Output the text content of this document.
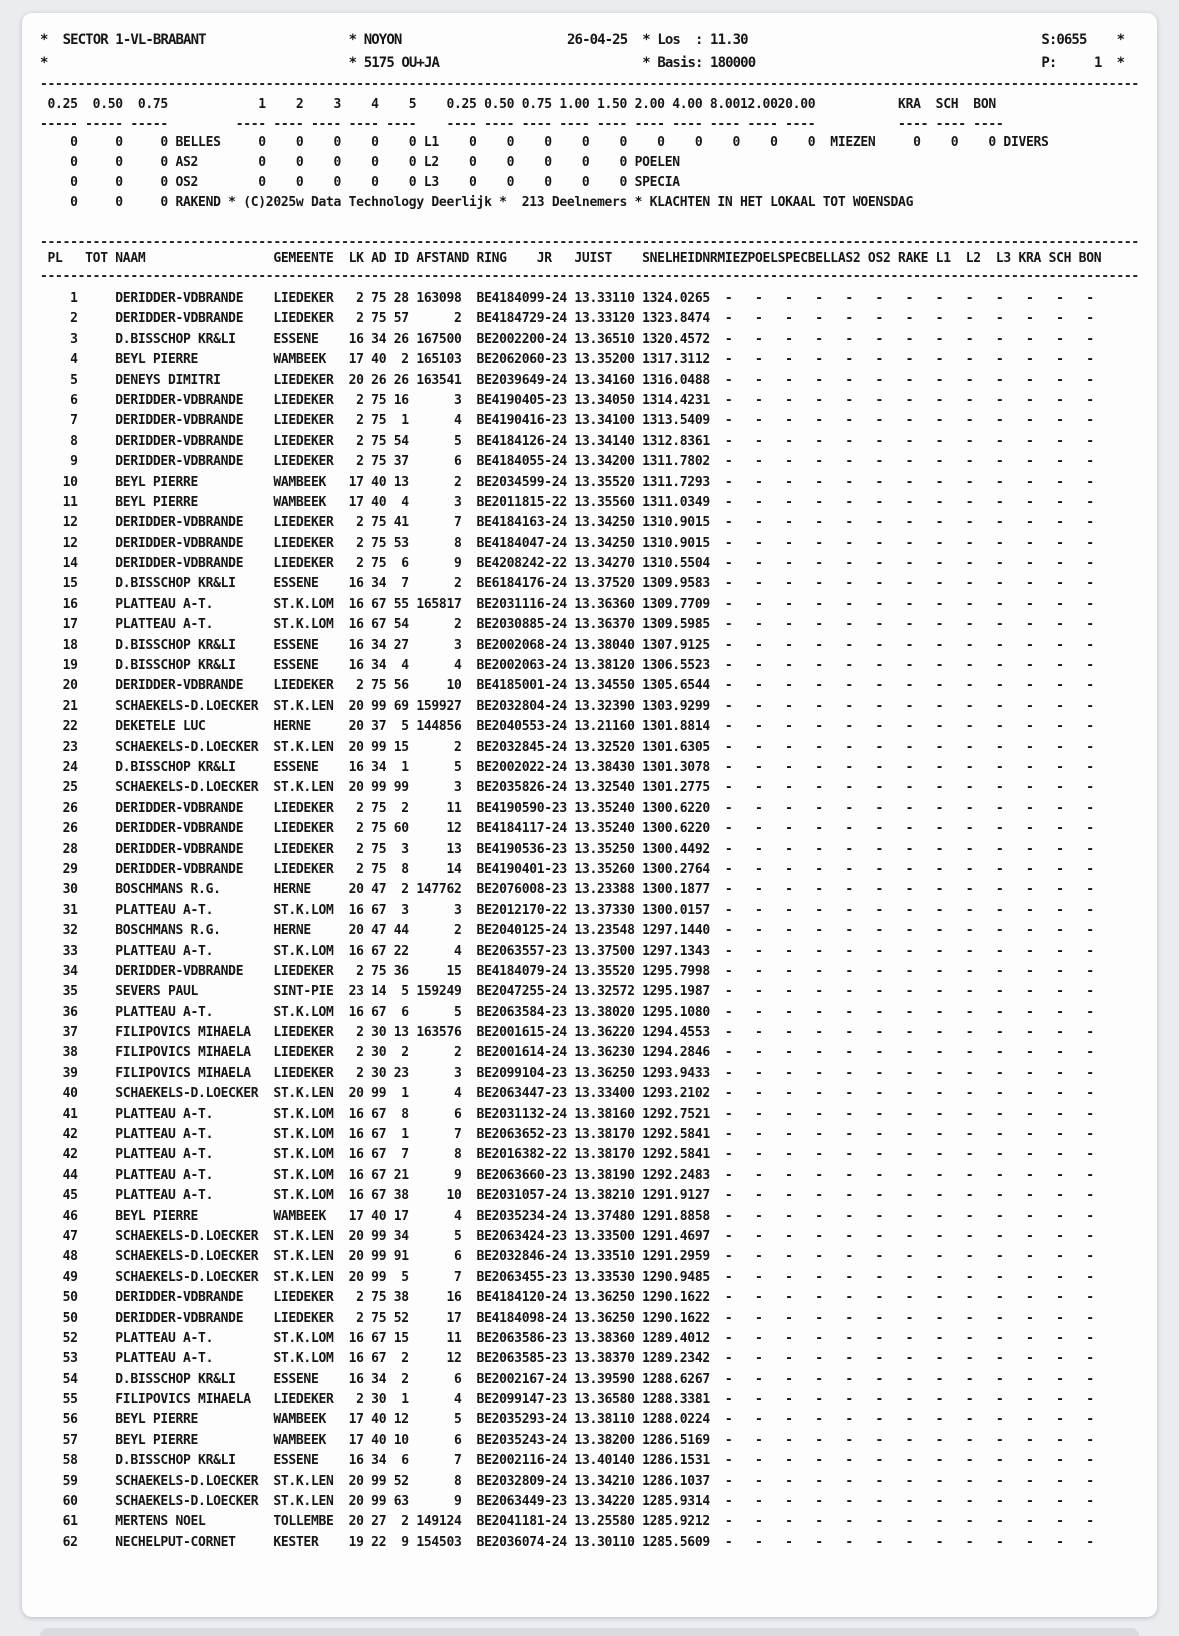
*  SECTOR 1-VL-BRABANT                   * NOYON                      26-04-25  * Los  : 11.30                                       S:0655    *
*                                        * 5175 OU+JA                           * Basis: 180000                                      P:     1  *
--------------------------------------------------------------------------------------------------------------------------------------------------
0.25  0.50  0.75            1    2    3    4    5    0.25 0.50 0.75 1.00 1.50 2.00 4.00 8.0012.0020.00           KRA  SCH  BON
----- ----- -----         ---- ---- ---- ---- ----    ---- ---- ---- ---- ---- ---- ---- ---- ---- ----           ---- ---- ----
0     0     0 BELLES     0    0    0    0    0 L1    0    0    0    0    0    0    0    0    0    0  MIEZEN     0    0    0 DIVERS
0     0     0 AS2        0    0    0    0    0 L2    0    0    0    0    0 POELEN
0     0     0 OS2        0    0    0    0    0 L3    0    0    0    0    0 SPECIA
0     0     0 RAKEND * (C)2025w Data Technology Deerlijk *  213 Deelnemers * KLACHTEN IN HET LOKAAL TOT WOENSDAG
--------------------------------------------------------------------------------------------------------------------------------------------------
PL   TOT NAAM                 GEMEENTE  LK AD ID AFSTAND RING    JR   JUIST    SNELHEIDNRMIEZPOELSPECBELLAS2 OS2 RAKE L1  L2  L3 KRA SCH BON
--------------------------------------------------------------------------------------------------------------------------------------------------
1     DERIDDER-VDBRANDE    LIEDEKER   2 75 28 163098  BE4184099-24 13.33110 1324.0265  -   -   -   -   -   -   -   -   -   -   -   -   -
2     DERIDDER-VDBRANDE    LIEDEKER   2 75 57      2  BE4184729-24 13.33120 1323.8474  -   -   -   -   -   -   -   -   -   -   -   -   -
3     D.BISSCHOP KR&LI     ESSENE    16 34 26 167500  BE2002200-24 13.36510 1320.4572  -   -   -   -   -   -   -   -   -   -   -   -   -
4     BEYL PIERRE          WAMBEEK   17 40  2 165103  BE2062060-23 13.35200 1317.3112  -   -   -   -   -   -   -   -   -   -   -   -   -
5     DENEYS DIMITRI       LIEDEKER  20 26 26 163541  BE2039649-24 13.34160 1316.0488  -   -   -   -   -   -   -   -   -   -   -   -   -
6     DERIDDER-VDBRANDE    LIEDEKER   2 75 16      3  BE4190405-23 13.34050 1314.4231  -   -   -   -   -   -   -   -   -   -   -   -   -
7     DERIDDER-VDBRANDE    LIEDEKER   2 75  1      4  BE4190416-23 13.34100 1313.5409  -   -   -   -   -   -   -   -   -   -   -   -   -
8     DERIDDER-VDBRANDE    LIEDEKER   2 75 54      5  BE4184126-24 13.34140 1312.8361  -   -   -   -   -   -   -   -   -   -   -   -   -
9     DERIDDER-VDBRANDE    LIEDEKER   2 75 37      6  BE4184055-24 13.34200 1311.7802  -   -   -   -   -   -   -   -   -   -   -   -   -
10     BEYL PIERRE          WAMBEEK   17 40 13      2  BE2034599-24 13.35520 1311.7293  -   -   -   -   -   -   -   -   -   -   -   -   -
11     BEYL PIERRE          WAMBEEK   17 40  4      3  BE2011815-22 13.35560 1311.0349  -   -   -   -   -   -   -   -   -   -   -   -   -
12     DERIDDER-VDBRANDE    LIEDEKER   2 75 41      7  BE4184163-24 13.34250 1310.9015  -   -   -   -   -   -   -   -   -   -   -   -   -
12     DERIDDER-VDBRANDE    LIEDEKER   2 75 53      8  BE4184047-24 13.34250 1310.9015  -   -   -   -   -   -   -   -   -   -   -   -   -
14     DERIDDER-VDBRANDE    LIEDEKER   2 75  6      9  BE4208242-22 13.34270 1310.5504  -   -   -   -   -   -   -   -   -   -   -   -   -
15     D.BISSCHOP KR&LI     ESSENE    16 34  7      2  BE6184176-24 13.37520 1309.9583  -   -   -   -   -   -   -   -   -   -   -   -   -
16     PLATTEAU A-T.        ST.K.LOM  16 67 55 165817  BE2031116-24 13.36360 1309.7709  -   -   -   -   -   -   -   -   -   -   -   -   -
17     PLATTEAU A-T.        ST.K.LOM  16 67 54      2  BE2030885-24 13.36370 1309.5985  -   -   -   -   -   -   -   -   -   -   -   -   -
18     D.BISSCHOP KR&LI     ESSENE    16 34 27      3  BE2002068-24 13.38040 1307.9125  -   -   -   -   -   -   -   -   -   -   -   -   -
19     D.BISSCHOP KR&LI     ESSENE    16 34  4      4  BE2002063-24 13.38120 1306.5523  -   -   -   -   -   -   -   -   -   -   -   -   -
20     DERIDDER-VDBRANDE    LIEDEKER   2 75 56     10  BE4185001-24 13.34550 1305.6544  -   -   -   -   -   -   -   -   -   -   -   -   -
21     SCHAEKELS-D.LOECKER  ST.K.LEN  20 99 69 159927  BE2032804-24 13.32390 1303.9299  -   -   -   -   -   -   -   -   -   -   -   -   -
22     DEKETELE LUC         HERNE     20 37  5 144856  BE2040553-24 13.21160 1301.8814  -   -   -   -   -   -   -   -   -   -   -   -   -
23     SCHAEKELS-D.LOECKER  ST.K.LEN  20 99 15      2  BE2032845-24 13.32520 1301.6305  -   -   -   -   -   -   -   -   -   -   -   -   -
24     D.BISSCHOP KR&LI     ESSENE    16 34  1      5  BE2002022-24 13.38430 1301.3078  -   -   -   -   -   -   -   -   -   -   -   -   -
25     SCHAEKELS-D.LOECKER  ST.K.LEN  20 99 99      3  BE2035826-24 13.32540 1301.2775  -   -   -   -   -   -   -   -   -   -   -   -   -
26     DERIDDER-VDBRANDE    LIEDEKER   2 75  2     11  BE4190590-23 13.35240 1300.6220  -   -   -   -   -   -   -   -   -   -   -   -   -
26     DERIDDER-VDBRANDE    LIEDEKER   2 75 60     12  BE4184117-24 13.35240 1300.6220  -   -   -   -   -   -   -   -   -   -   -   -   -
28     DERIDDER-VDBRANDE    LIEDEKER   2 75  3     13  BE4190536-23 13.35250 1300.4492  -   -   -   -   -   -   -   -   -   -   -   -   -
29     DERIDDER-VDBRANDE    LIEDEKER   2 75  8     14  BE4190401-23 13.35260 1300.2764  -   -   -   -   -   -   -   -   -   -   -   -   -
30     BOSCHMANS R.G.       HERNE     20 47  2 147762  BE2076008-23 13.23388 1300.1877  -   -   -   -   -   -   -   -   -   -   -   -   -
31     PLATTEAU A-T.        ST.K.LOM  16 67  3      3  BE2012170-22 13.37330 1300.0157  -   -   -   -   -   -   -   -   -   -   -   -   -
32     BOSCHMANS R.G.       HERNE     20 47 44      2  BE2040125-24 13.23548 1297.1440  -   -   -   -   -   -   -   -   -   -   -   -   -
33     PLATTEAU A-T.        ST.K.LOM  16 67 22      4  BE2063557-23 13.37500 1297.1343  -   -   -   -   -   -   -   -   -   -   -   -   -
34     DERIDDER-VDBRANDE    LIEDEKER   2 75 36     15  BE4184079-24 13.35520 1295.7998  -   -   -   -   -   -   -   -   -   -   -   -   -
35     SEVERS PAUL          SINT-PIE  23 14  5 159249  BE2047255-24 13.32572 1295.1987  -   -   -   -   -   -   -   -   -   -   -   -   -
36     PLATTEAU A-T.        ST.K.LOM  16 67  6      5  BE2063584-23 13.38020 1295.1080  -   -   -   -   -   -   -   -   -   -   -   -   -
37     FILIPOVICS MIHAELA   LIEDEKER   2 30 13 163576  BE2001615-24 13.36220 1294.4553  -   -   -   -   -   -   -   -   -   -   -   -   -
38     FILIPOVICS MIHAELA   LIEDEKER   2 30  2      2  BE2001614-24 13.36230 1294.2846  -   -   -   -   -   -   -   -   -   -   -   -   -
39     FILIPOVICS MIHAELA   LIEDEKER   2 30 23      3  BE2099104-23 13.36250 1293.9433  -   -   -   -   -   -   -   -   -   -   -   -   -
40     SCHAEKELS-D.LOECKER  ST.K.LEN  20 99  1      4  BE2063447-23 13.33400 1293.2102  -   -   -   -   -   -   -   -   -   -   -   -   -
41     PLATTEAU A-T.        ST.K.LOM  16 67  8      6  BE2031132-24 13.38160 1292.7521  -   -   -   -   -   -   -   -   -   -   -   -   -
42     PLATTEAU A-T.        ST.K.LOM  16 67  1      7  BE2063652-23 13.38170 1292.5841  -   -   -   -   -   -   -   -   -   -   -   -   -
42     PLATTEAU A-T.        ST.K.LOM  16 67  7      8  BE2016382-22 13.38170 1292.5841  -   -   -   -   -   -   -   -   -   -   -   -   -
44     PLATTEAU A-T.        ST.K.LOM  16 67 21      9  BE2063660-23 13.38190 1292.2483  -   -   -   -   -   -   -   -   -   -   -   -   -
45     PLATTEAU A-T.        ST.K.LOM  16 67 38     10  BE2031057-24 13.38210 1291.9127  -   -   -   -   -   -   -   -   -   -   -   -   -
46     BEYL PIERRE          WAMBEEK   17 40 17      4  BE2035234-24 13.37480 1291.8858  -   -   -   -   -   -   -   -   -   -   -   -   -
47     SCHAEKELS-D.LOECKER  ST.K.LEN  20 99 34      5  BE2063424-23 13.33500 1291.4697  -   -   -   -   -   -   -   -   -   -   -   -   -
48     SCHAEKELS-D.LOECKER  ST.K.LEN  20 99 91      6  BE2032846-24 13.33510 1291.2959  -   -   -   -   -   -   -   -   -   -   -   -   -
49     SCHAEKELS-D.LOECKER  ST.K.LEN  20 99  5      7  BE2063455-23 13.33530 1290.9485  -   -   -   -   -   -   -   -   -   -   -   -   -
50     DERIDDER-VDBRANDE    LIEDEKER   2 75 38     16  BE4184120-24 13.36250 1290.1622  -   -   -   -   -   -   -   -   -   -   -   -   -
50     DERIDDER-VDBRANDE    LIEDEKER   2 75 52     17  BE4184098-24 13.36250 1290.1622  -   -   -   -   -   -   -   -   -   -   -   -   -
52     PLATTEAU A-T.        ST.K.LOM  16 67 15     11  BE2063586-23 13.38360 1289.4012  -   -   -   -   -   -   -   -   -   -   -   -   -
53     PLATTEAU A-T.        ST.K.LOM  16 67  2     12  BE2063585-23 13.38370 1289.2342  -   -   -   -   -   -   -   -   -   -   -   -   -
54     D.BISSCHOP KR&LI     ESSENE    16 34  2      6  BE2002167-24 13.39590 1288.6267  -   -   -   -   -   -   -   -   -   -   -   -   -
55     FILIPOVICS MIHAELA   LIEDEKER   2 30  1      4  BE2099147-23 13.36580 1288.3381  -   -   -   -   -   -   -   -   -   -   -   -   -
56     BEYL PIERRE          WAMBEEK   17 40 12      5  BE2035293-24 13.38110 1288.0224  -   -   -   -   -   -   -   -   -   -   -   -   -
57     BEYL PIERRE          WAMBEEK   17 40 10      6  BE2035243-24 13.38200 1286.5169  -   -   -   -   -   -   -   -   -   -   -   -   -
58     D.BISSCHOP KR&LI     ESSENE    16 34  6      7  BE2002116-24 13.40140 1286.1531  -   -   -   -   -   -   -   -   -   -   -   -   -
59     SCHAEKELS-D.LOECKER  ST.K.LEN  20 99 52      8  BE2032809-24 13.34210 1286.1037  -   -   -   -   -   -   -   -   -   -   -   -   -
60     SCHAEKELS-D.LOECKER  ST.K.LEN  20 99 63      9  BE2063449-23 13.34220 1285.9314  -   -   -   -   -   -   -   -   -   -   -   -   -
61     MERTENS NOEL         TOLLEMBE  20 27  2 149124  BE2041181-24 13.25580 1285.9212  -   -   -   -   -   -   -   -   -   -   -   -   -
62     NECHELPUT-CORNET     KESTER    19 22  9 154503  BE2036074-24 13.30110 1285.5609  -   -   -   -   -   -   -   -   -   -   -   -   -
